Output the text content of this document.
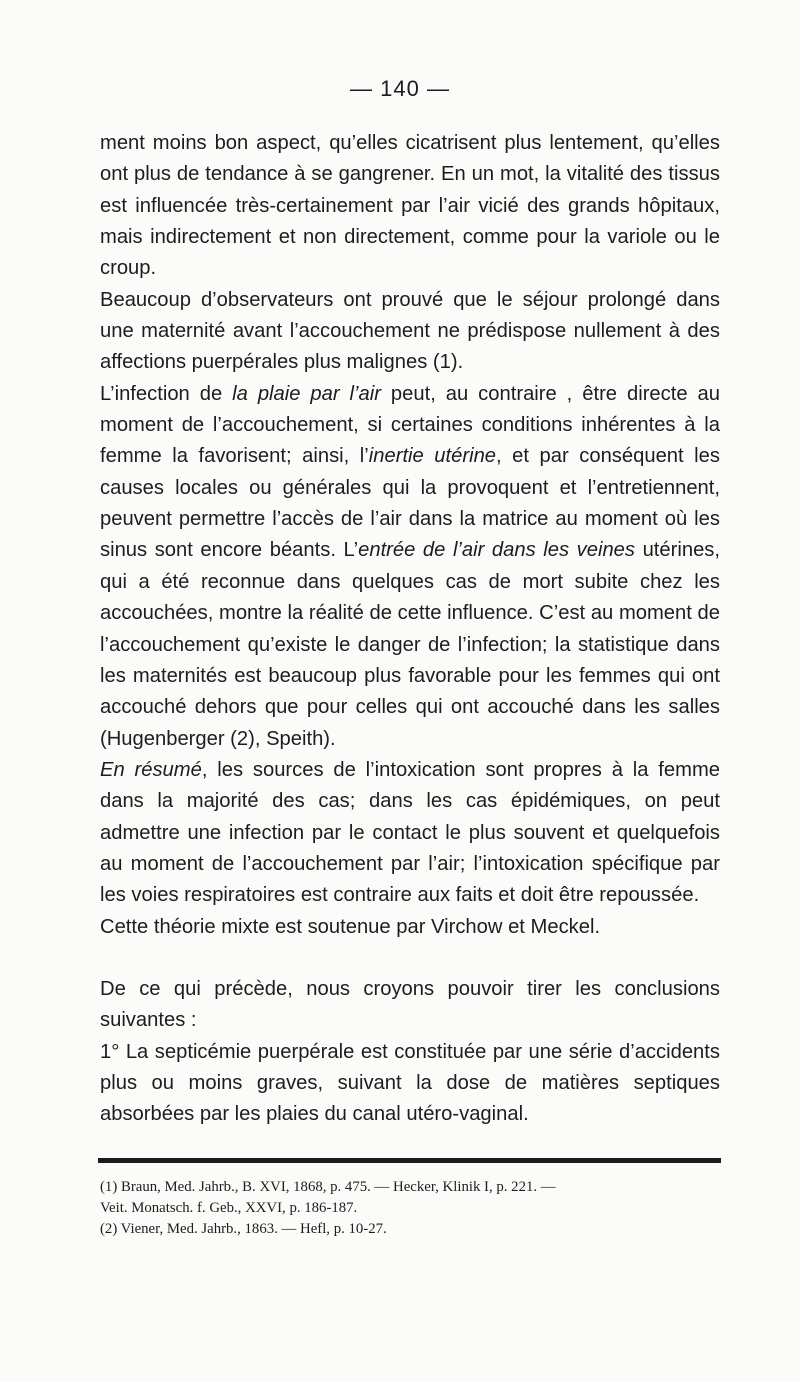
— 140 —

ment moins bon aspect, qu’elles cicatrisent plus lentement, qu’elles ont plus de tendance à se gangrener. En un mot, la vitalité des tissus est influencée très-certainement par l’air vicié des grands hôpitaux, mais indirectement et non directement, comme pour la variole ou le croup.

Beaucoup d’observateurs ont prouvé que le séjour prolongé dans une maternité avant l’accouchement ne prédispose nullement à des affections puerpérales plus malignes (1).

L’infection de la plaie par l’air peut, au contraire , être directe au moment de l’accouchement, si certaines conditions inhérentes à la femme la favorisent; ainsi, l’inertie utérine, et par conséquent les causes locales ou générales qui la provoquent et l’entretiennent, peuvent permettre l’accès de l’air dans la matrice au moment où les sinus sont encore béants. L’entrée de l’air dans les veines utérines, qui a été reconnue dans quelques cas de mort subite chez les accouchées, montre la réalité de cette influence. C’est au moment de l’accouchement qu’existe le danger de l’infection; la statistique dans les maternités est beaucoup plus favorable pour les femmes qui ont accouché dehors que pour celles qui ont accouché dans les salles (Hugenberger (2), Speith).

En résumé, les sources de l’intoxication sont propres à la femme dans la majorité des cas; dans les cas épidémiques, on peut admettre une infection par le contact le plus souvent et quelquefois au moment de l’accouchement par l’air; l’intoxication spécifique par les voies respiratoires est contraire aux faits et doit être repoussée.

Cette théorie mixte est soutenue par Virchow et Meckel.

De ce qui précède, nous croyons pouvoir tirer les conclusions suivantes :

1° La septicémie puerpérale est constituée par une série d’accidents plus ou moins graves, suivant la dose de matières septiques absorbées par les plaies du canal utéro-vaginal.

(1) Braun, Med. Jahrb., B. XVI, 1868, p. 475. — Hecker, Klinik I, p. 221. —

Veit. Monatsch. f. Geb., XXVI, p. 186-187.

(2) Viener, Med. Jahrb., 1863. — Hefl, p. 10-27.
